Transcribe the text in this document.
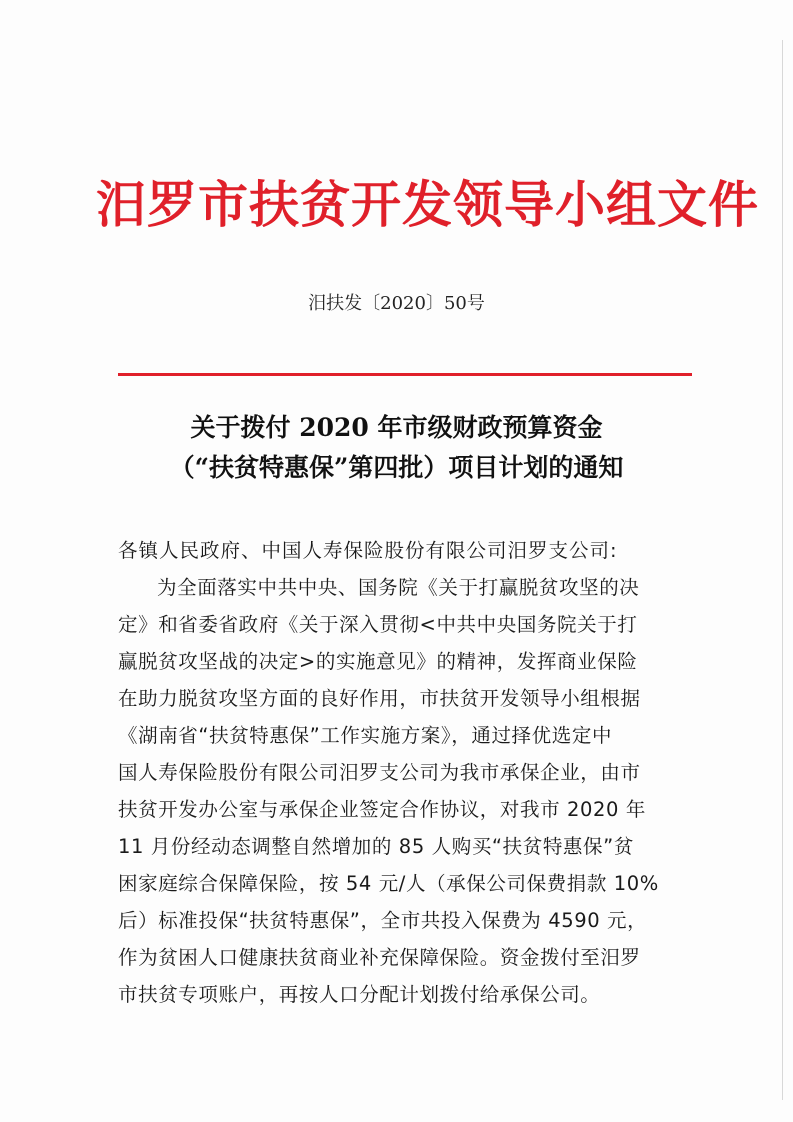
汨罗市扶贫开发领导小组文件
汨扶发〔2020〕50号
关于拨付 2020 年市级财政预算资金
（“扶贫特惠保”第四批）项目计划的通知
各镇人民政府、中国人寿保险股份有限公司汨罗支公司:
为全面落实中共中央、国务院《关于打赢脱贫攻坚的决
定》和省委省政府《关于深入贯彻<中共中央国务院关于打
赢脱贫攻坚战的决定>的实施意见》的精神，发挥商业保险
在助力脱贫攻坚方面的良好作用，市扶贫开发领导小组根据
《湖南省“扶贫特惠保”工作实施方案》，通过择优选定中
国人寿保险股份有限公司汨罗支公司为我市承保企业，由市
扶贫开发办公室与承保企业签定合作协议，对我市 2020 年
11 月份经动态调整自然增加的 85 人购买“扶贫特惠保”贫
困家庭综合保障保险，按 54 元/人（承保公司保费捐款 10%
后）标准投保“扶贫特惠保”，全市共投入保费为 4590 元，
作为贫困人口健康扶贫商业补充保障保险。资金拨付至汨罗
市扶贫专项账户，再按人口分配计划拨付给承保公司。
